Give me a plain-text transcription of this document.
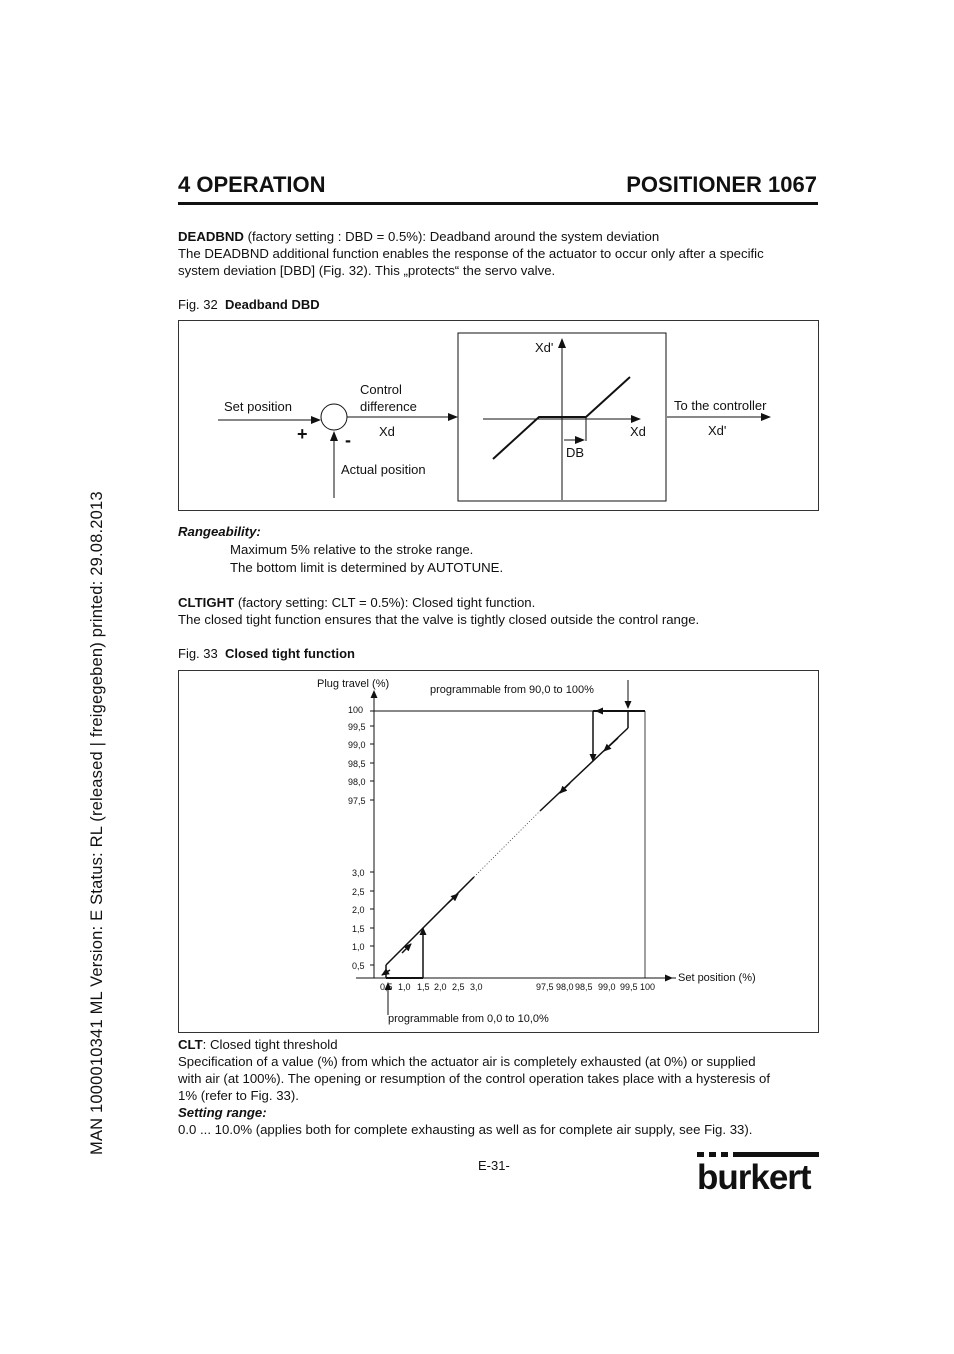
MAN 1000010341 ML Version: E Status: RL (released | freigegeben) printed: 29.08.2013
4 OPERATION	POSITIONER 1067
DEADBND (factory setting : DBD = 0.5%): Deadband around the system deviation
The DEADBND additional function enables the response of the actuator to occur only after a specific
system deviation [DBD] (Fig. 32). This „protects“ the servo valve.
Fig. 32 Deadband DBD
Set position
Control
difference
+ - Xd
Actual position
Xd'
Xd
DB
To the controller
Xd'
Rangeability:
Maximum 5% relative to the stroke range.
The bottom limit is determined by AUTOTUNE.
CLTIGHT (factory setting: CLT = 0.5%): Closed tight function.
The closed tight function ensures that the valve is tightly closed outside the control range.
Fig. 33 Closed tight function
100
99,5
99,0
98,5
98,0
97,5
3,0
2,5
2,0
1,5
1,0
0,5
0,5 1,0 1,5 2,0 2,5 3,0	97,5 98,0 98,5 99,0 99,5 100
Plug travel (%)	programmable from 90,0 to 100%
Set position (%)
programmable from 0,0 to 10,0%
CLT: Closed tight threshold
Specification of a value (%) from which the actuator air is completely exhausted (at 0%) or supplied
with air (at 100%). The opening or resumption of the control operation takes place with a hysteresis of
1% (refer to Fig. 33).
Setting range:
0.0 ... 10.0% (applies both for complete exhausting as well as for complete air supply, see Fig. 33).
E-31-	burkert
